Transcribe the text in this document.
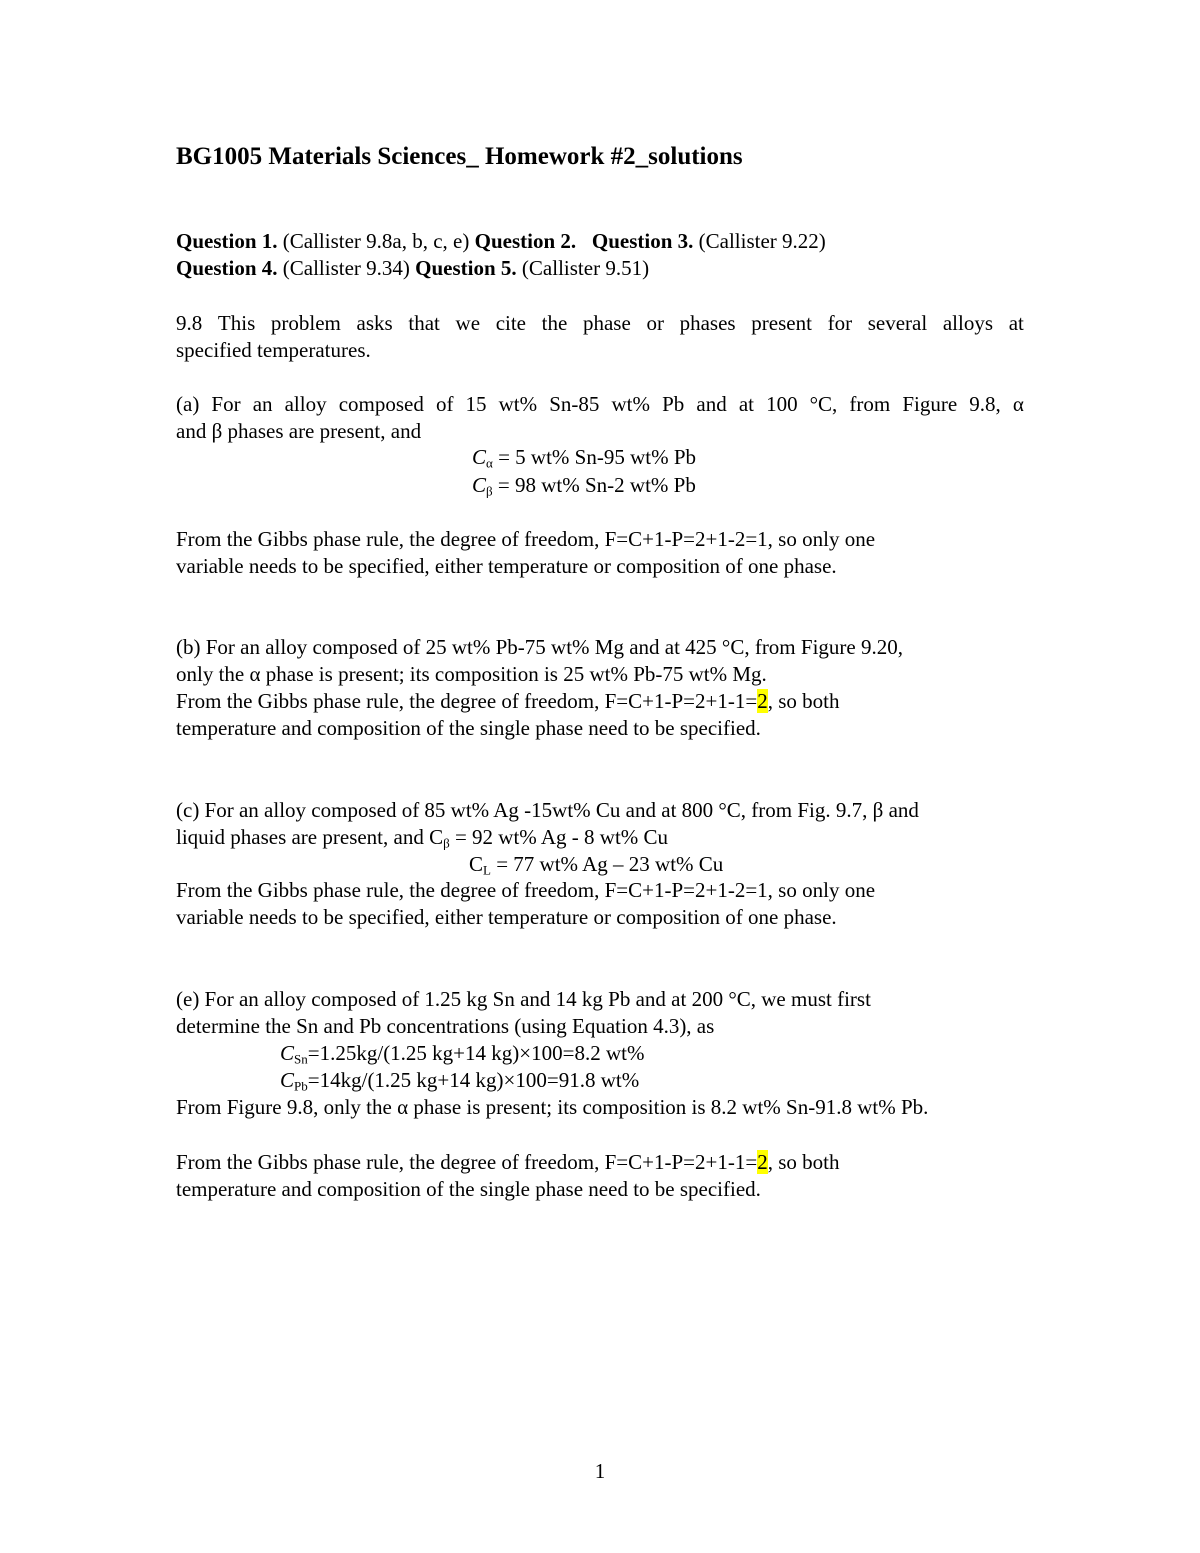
BG1005 Materials Sciences_ Homework #2_solutions
Question 1. (Callister 9.8a, b, c, e) Question 2. Question 3. (Callister 9.22)
Question 4. (Callister 9.34) Question 5. (Callister 9.51)
9.8 This problem asks that we cite the phase or phases present for several alloys at
specified temperatures.
(a) For an alloy composed of 15 wt% Sn-85 wt% Pb and at 100 °C, from Figure 9.8, α
and β phases are present, and
$C_\alpha = 5$ wt% Sn-95 wt% Pb
$C_\beta = 98$ wt% Sn-2 wt% Pb
From the Gibbs phase rule, the degree of freedom, F=C+1-P=2+1-2=1, so only one
variable needs to be specified, either temperature or composition of one phase.
(b) For an alloy composed of 25 wt% Pb-75 wt% Mg and at 425 °C, from Figure 9.20,
only the α phase is present; its composition is 25 wt% Pb-75 wt% Mg.
From the Gibbs phase rule, the degree of freedom, F=C+1-P=2+1-1=2, so both
temperature and composition of the single phase need to be specified.
(c) For an alloy composed of 85 wt% Ag -15wt% Cu and at 800 °C, from Fig. 9.7, β and
liquid phases are present, and $C_\beta = 92$ wt% Ag - 8 wt% Cu
$C_L = 77$ wt% Ag – 23 wt% Cu
From the Gibbs phase rule, the degree of freedom, F=C+1-P=2+1-2=1, so only one
variable needs to be specified, either temperature or composition of one phase.
(e) For an alloy composed of 1.25 kg Sn and 14 kg Pb and at 200 °C, we must first
determine the Sn and Pb concentrations (using Equation 4.3), as
$C_{Sn}=1.25kg/(1.25$ kg+14 kg)×100=8.2 wt%
$C_{Pb}=14kg/(1.25$ kg+14 kg)×100=91.8 wt%
From Figure 9.8, only the α phase is present; its composition is 8.2 wt% Sn-91.8 wt% Pb.
From the Gibbs phase rule, the degree of freedom, F=C+1-P=2+1-1=2, so both
temperature and composition of the single phase need to be specified.
1
